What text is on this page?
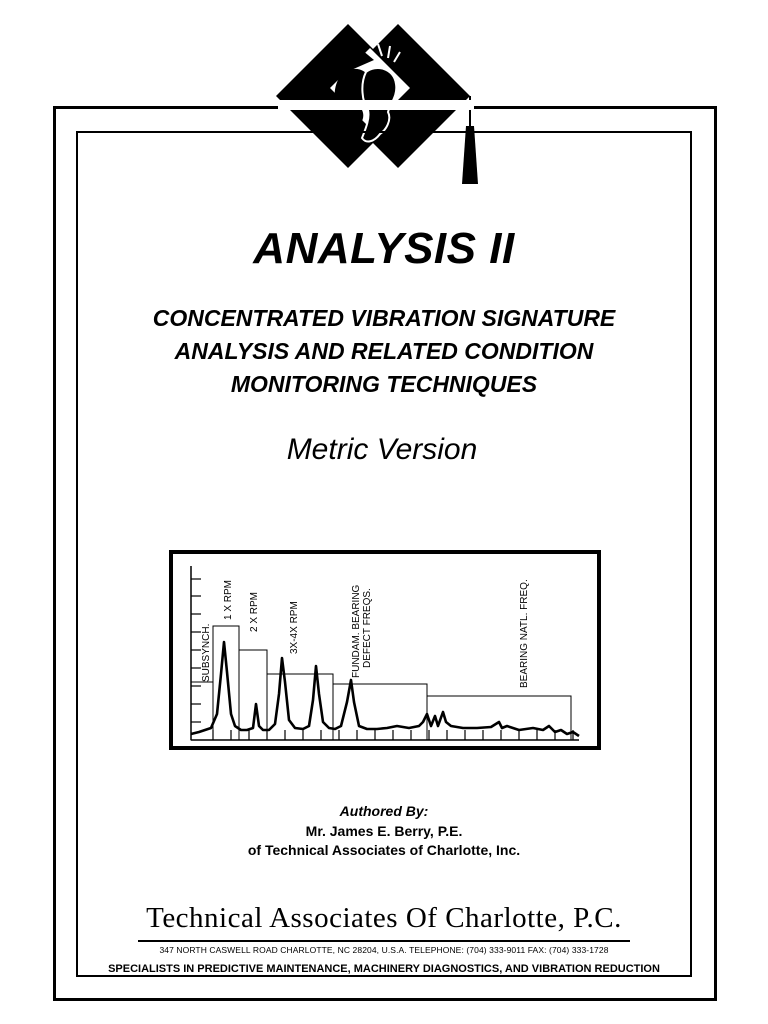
ANALYSIS II
CONCENTRATED VIBRATION SIGNATURE
ANALYSIS AND RELATED CONDITION
MONITORING TECHNIQUES
Metric Version
SUBSYNCH.
1 X RPM 2 X RPM	3X-4X RPM	FUNDAM. BEARING DEFECT FREQS.	BEARING NATL. FREQ.
Authored By:
Mr. James E. Berry, P.E.
of Technical Associates of Charlotte, Inc.
Technical Associates Of Charlotte, P.C.
347 NORTH CASWELL ROAD CHARLOTTE, NC 28204, U.S.A. TELEPHONE: (704) 333-9011 FAX: (704) 333-1728
SPECIALISTS IN PREDICTIVE MAINTENANCE, MACHINERY DIAGNOSTICS, AND VIBRATION REDUCTION
